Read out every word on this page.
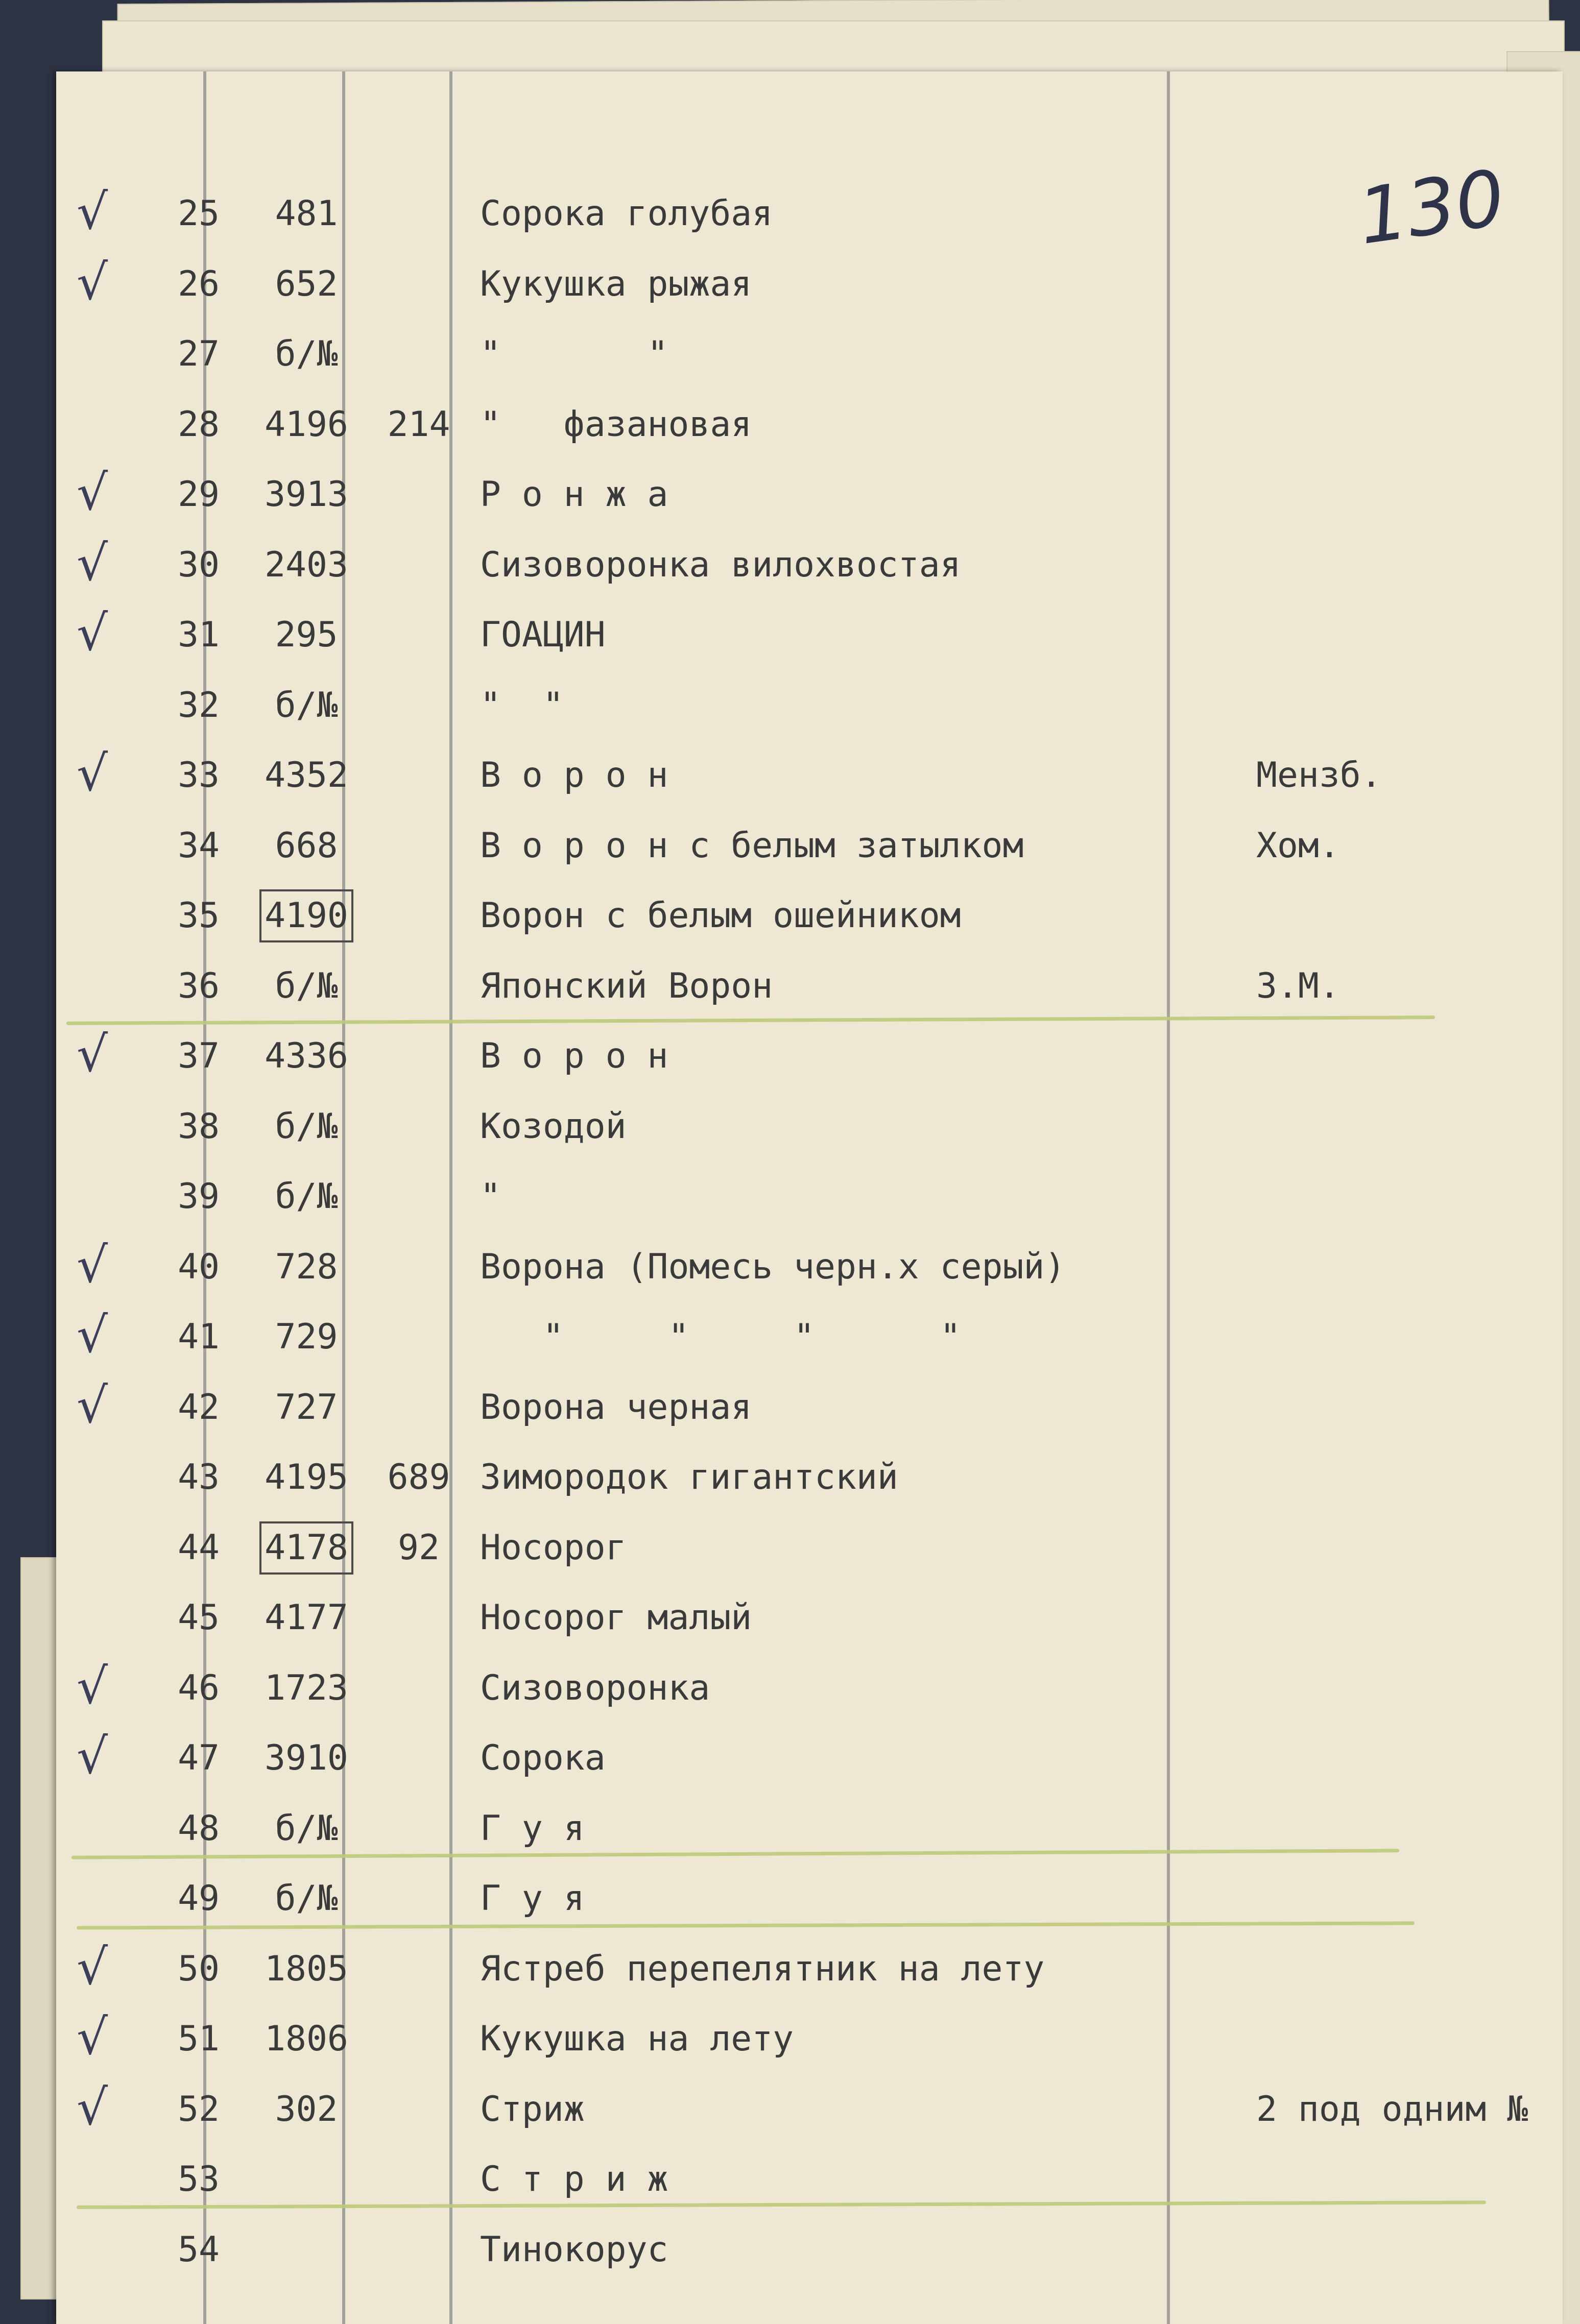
130
√	25	481	Сорока голубая
√	26	652	Кукушка рыжая
27	б/№	"       "
28	4196	214 "   фазановая
√	29	3913	Р о н ж а
√	30	2403	Сизоворонка вилохвостая
√	31	295	ГОАЦИН
32	б/№	"  "
√	33	4352	В о р о н	Мензб.
34	668	В о р о н с белым затылком	Хом.
35	4190	Ворон с белым ошейником
36	б/№	Японский Ворон	З.М.
√	37	4336	В о р о н
38	б/№	Козодой
39	б/№	"
√	40	728	Ворона (Помесь черн.х серый)
√	41	729	"     "     "      "
√	42	727	Ворона черная
43	4195	689 Зимородок гигантский
44	4178	92	Носорог
45	4177	Носорог малый
√	46	1723	Сизоворонка
√	47	3910	Сорока
48	б/№	Г у я
49	б/№	Г у я
√	50	1805	Ястреб перепелятник на лету
√	51	1806	Кукушка на лету
√	52	302	Стриж	2 под одним №
53	С т р и ж
54	Тинокорус
